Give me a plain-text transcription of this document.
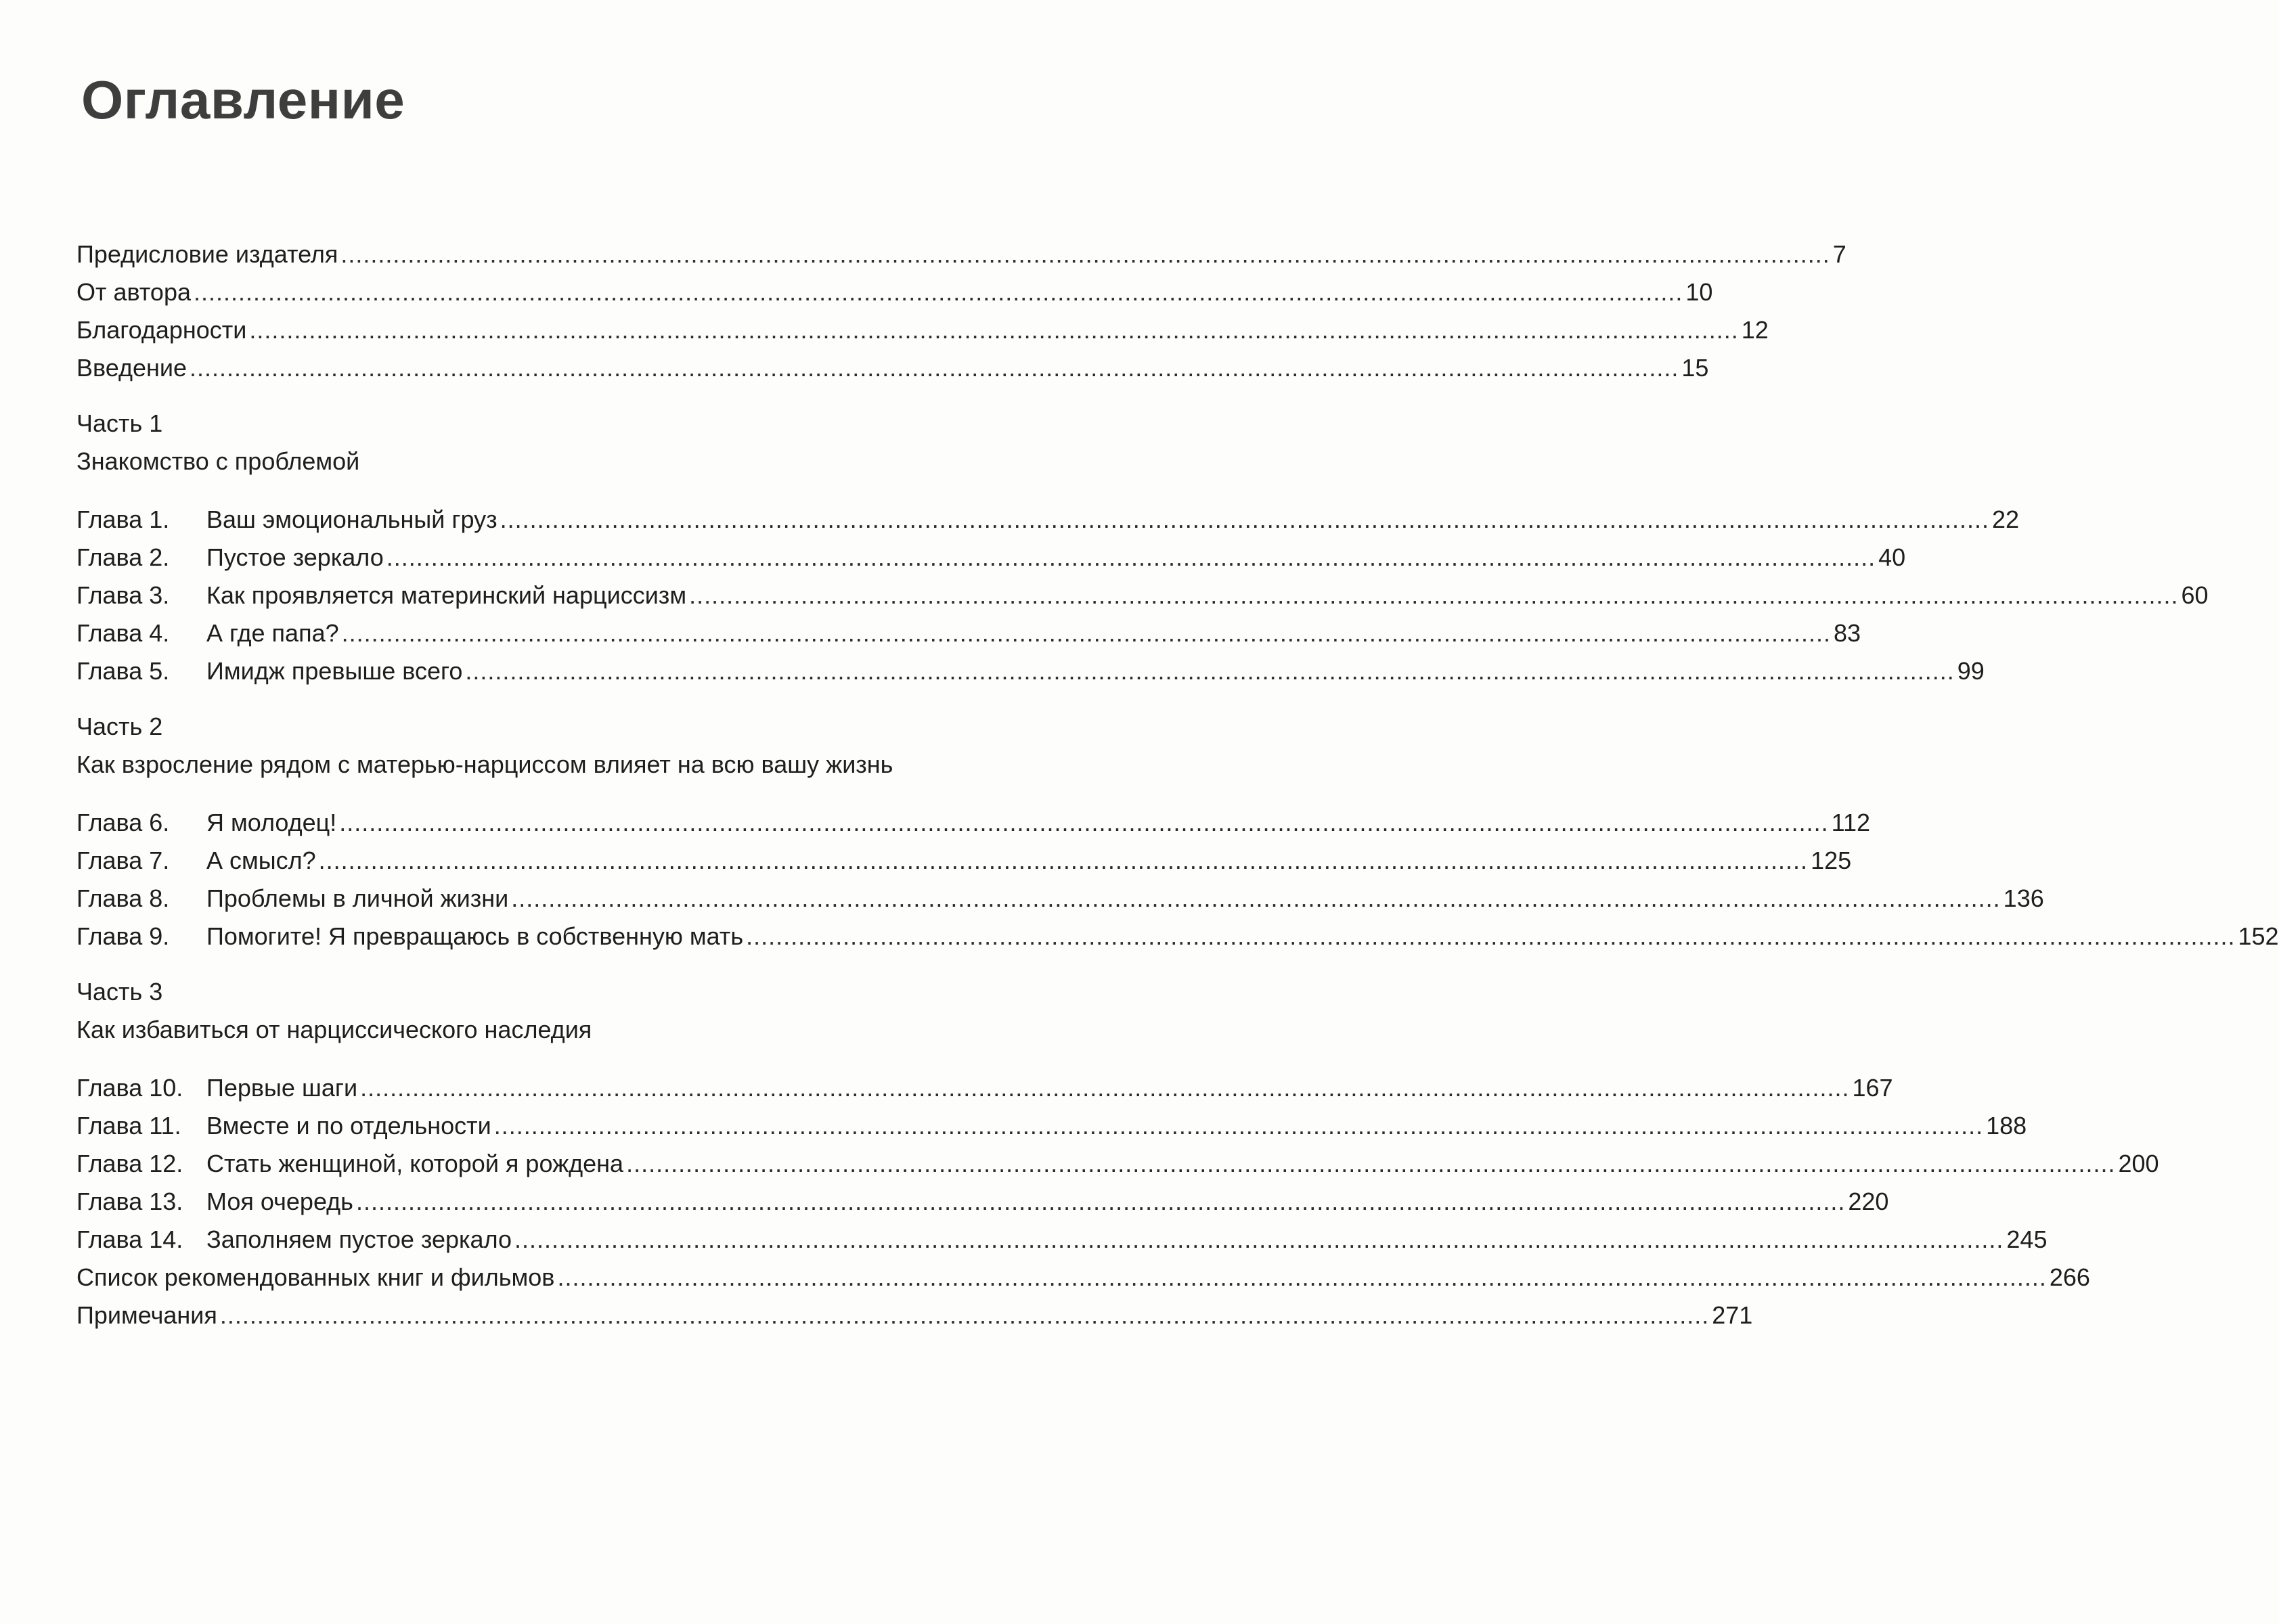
Оглавление
Предисловие издателя ........................................................................................................................................................................................................ 7
От автора ........................................................................................................................................................................................................ 10
Благодарности ........................................................................................................................................................................................................ 12
Введение ........................................................................................................................................................................................................ 15
Часть 1
Знакомство с проблемой
Глава 1.	Ваш эмоциональный груз ........................................................................................................................................................................................................ 22
Глава 2.	Пустое зеркало ........................................................................................................................................................................................................ 40
Глава 3.	Как проявляется материнский нарциссизм ........................................................................................................................................................................................................ 60
Глава 4.	А где папа? ........................................................................................................................................................................................................ 83
Глава 5.	Имидж превыше всего ........................................................................................................................................................................................................ 99
Часть 2
Как взросление рядом с матерью-нарциссом влияет на всю вашу жизнь
Глава 6.	Я молодец! ........................................................................................................................................................................................................ 112
Глава 7.	А смысл? ........................................................................................................................................................................................................ 125
Глава 8.	Проблемы в личной жизни ........................................................................................................................................................................................................ 136
Глава 9.	Помогите! Я превращаюсь в собственную мать ........................................................................................................................................................................................................ 152
Часть 3
Как избавиться от нарциссического наследия
Глава 10. Первые шаги ........................................................................................................................................................................................................ 167
Глава 11.	Вместе и по отдельности ........................................................................................................................................................................................................ 188
Глава 12. Стать женщиной, которой я рождена ........................................................................................................................................................................................................ 200
Глава 13. Моя очередь ........................................................................................................................................................................................................ 220
Глава 14. Заполняем пустое зеркало ........................................................................................................................................................................................................ 245
Список рекомендованных книг и фильмов ........................................................................................................................................................................................................ 266
Примечания ........................................................................................................................................................................................................ 271
